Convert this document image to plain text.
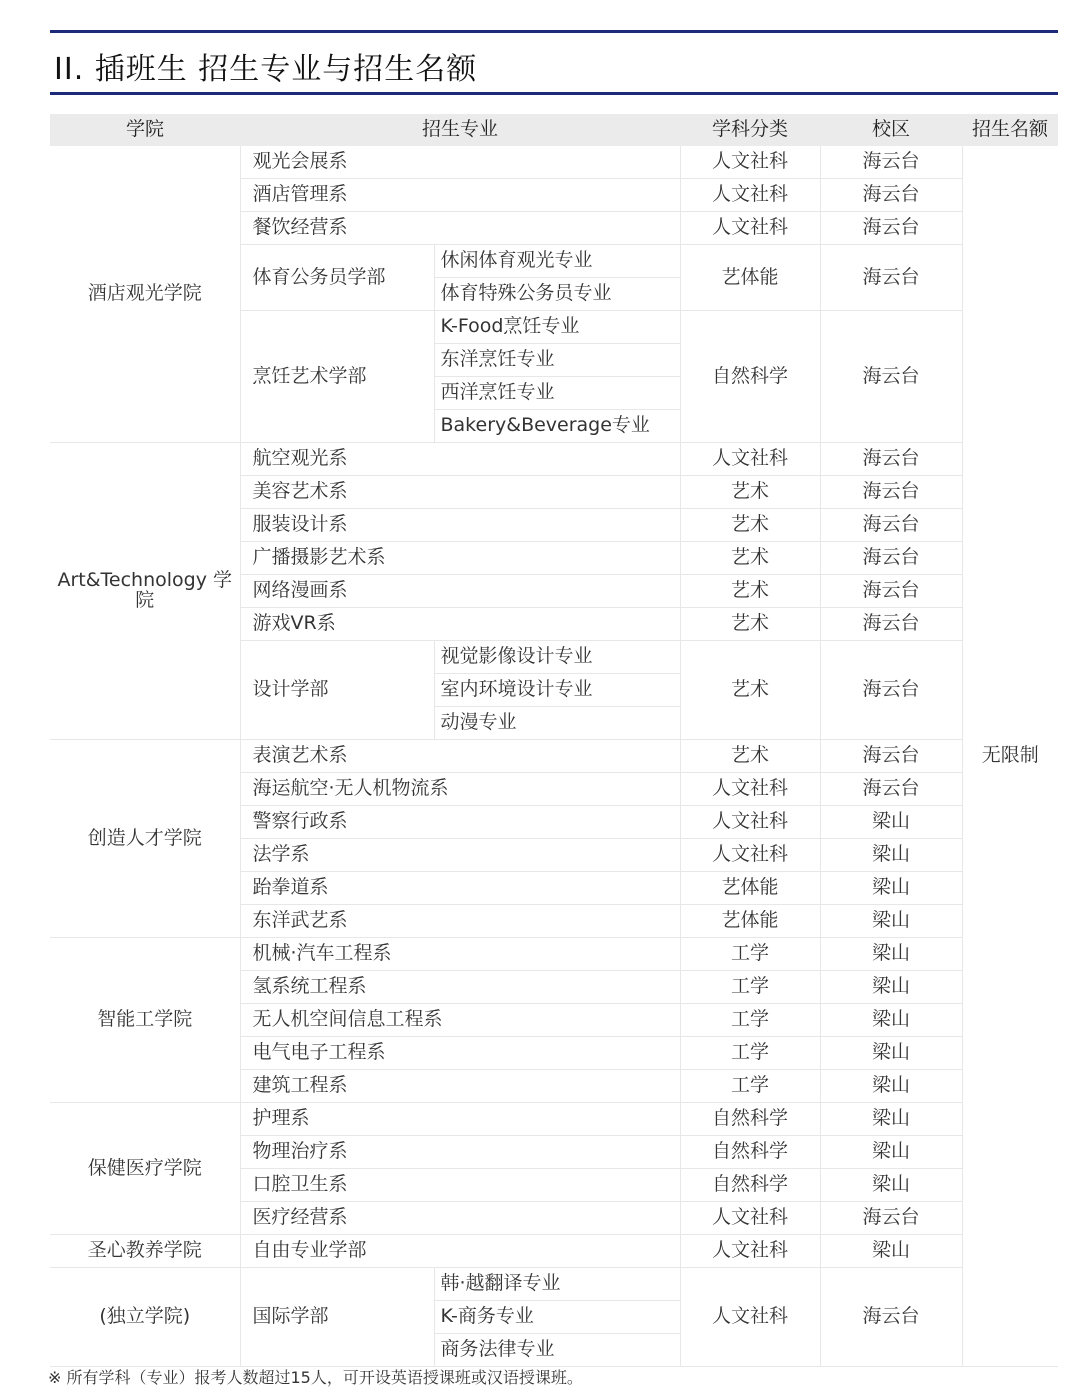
II. 插班生 招生专业与招生名额
学院	招生专业		学科分类	校区	招生名额
酒店观光学院	观光会展系		人文社科	海云台	无限制
	酒店管理系		人文社科	海云台	
	餐饮经营系		人文社科	海云台	
	体育公务员学部	休闲体育观光专业	艺体能	海云台	
		体育特殊公务员专业			
	烹饪艺术学部	K-Food烹饪专业	自然科学	海云台	
		东洋烹饪专业			
		西洋烹饪专业			
		Bakery&Beverage专业			
Art&Technology 学院	航空观光系		人文社科	海云台	
	美容艺术系		艺术	海云台	
	服装设计系		艺术	海云台	
	广播摄影艺术系		艺术	海云台	
	网络漫画系		艺术	海云台	
	游戏VR系		艺术	海云台	
	设计学部	视觉影像设计专业	艺术	海云台	
		室内环境设计专业			
		动漫专业			
创造人才学院	表演艺术系		艺术	海云台	
	海运航空·无人机物流系		人文社科	海云台	
	警察行政系		人文社科	梁山	
	法学系		人文社科	梁山	
	跆拳道系		艺体能	梁山	
	东洋武艺系		艺体能	梁山	
智能工学院	机械·汽车工程系		工学	梁山	
	氢系统工程系		工学	梁山	
	无人机空间信息工程系		工学	梁山	
	电气电子工程系		工学	梁山	
	建筑工程系		工学	梁山	
保健医疗学院	护理系		自然科学	梁山	
	物理治疗系		自然科学	梁山	
	口腔卫生系		自然科学	梁山	
	医疗经营系		人文社科	海云台	
圣心教养学院	自由专业学部		人文社科	梁山	
(独立学院)	国际学部	韩·越翻译专业	人文社科	海云台	
		K-商务专业			
		商务法律专业			
※ 所有学科（专业）报考人数超过15人，可开设英语授课班或汉语授课班。
